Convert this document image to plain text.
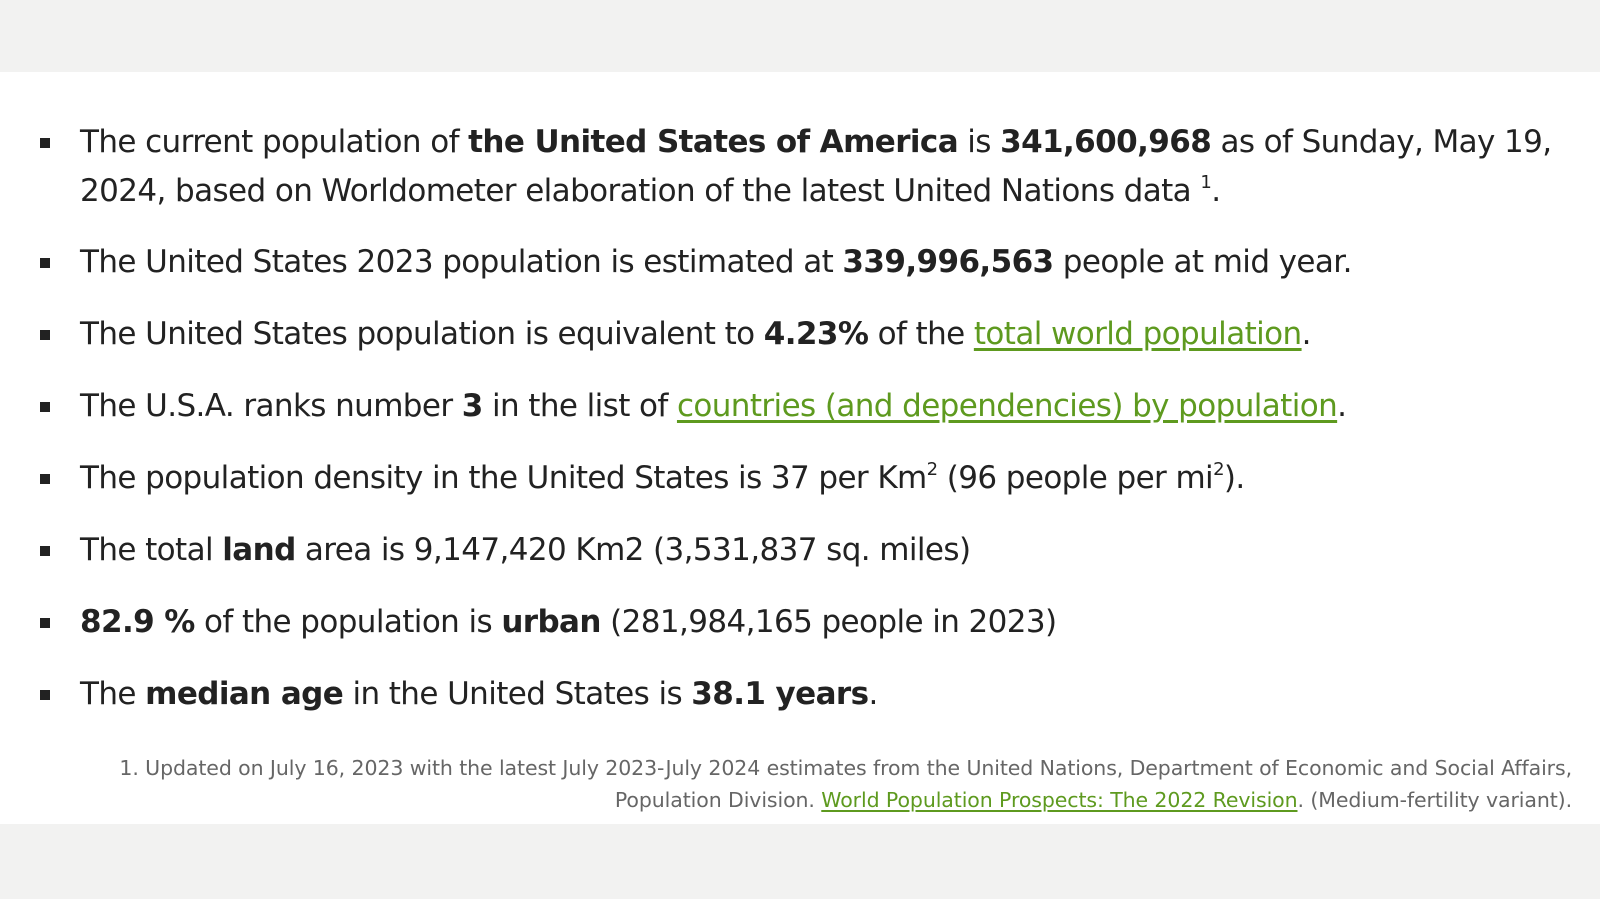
The current population of the United States of America is 341,600,968 as of Sunday, May 19, 2024, based on Worldometer elaboration of the latest United Nations data $^1$.
The United States 2023 population is estimated at 339,996,563 people at mid year.
The United States population is equivalent to 4.23% of the total world population.
The U.S.A. ranks number 3 in the list of countries (and dependencies) by population.
The population density in the United States is 37 per Km$^2$ (96 people per mi$^2$).
The total land area is 9,147,420 Km2 (3,531,837 sq. miles)
82.9 % of the population is urban (281,984,165 people in 2023)
The median age in the United States is 38.1 years.
1. Updated on July 16, 2023 with the latest July 2023-July 2024 estimates from the United Nations, Department of Economic and Social Affairs, Population Division. World Population Prospects: The 2022 Revision. (Medium-fertility variant).
